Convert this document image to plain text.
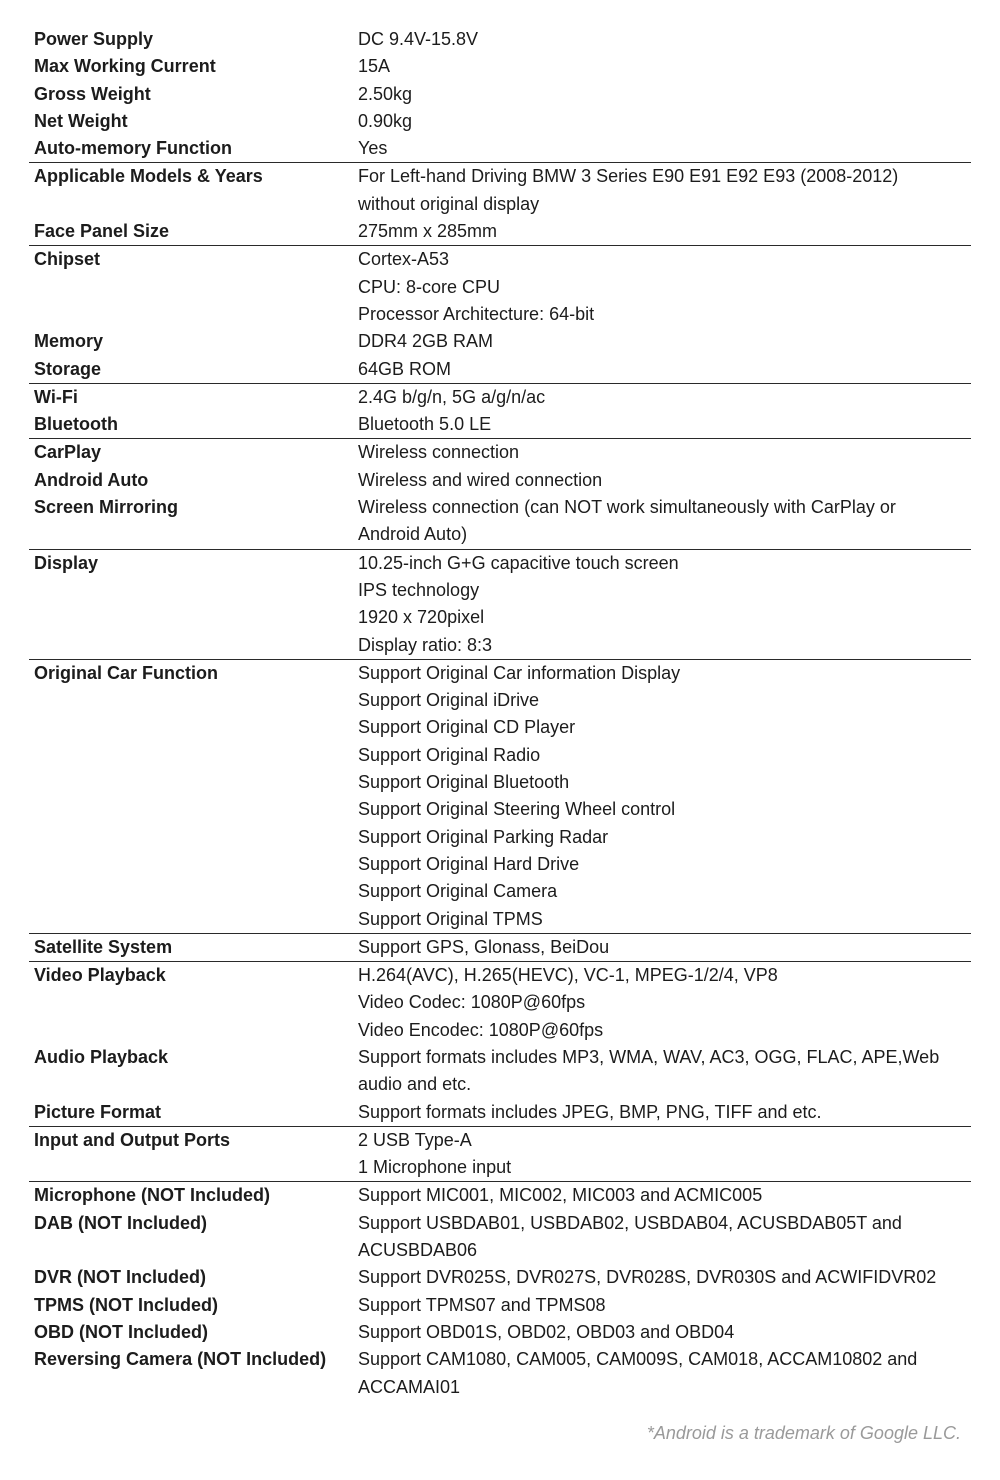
Power Supply	DC 9.4V-15.8V
Max Working Current	15A
Gross Weight	2.50kg
Net Weight	0.90kg
Auto-memory Function	Yes
Applicable Models & Years	For Left-hand Driving BMW 3 Series E90 E91 E92 E93 (2008-2012)
without original display
Face Panel Size	275mm x 285mm
Chipset	Cortex-A53
CPU: 8-core CPU
Processor Architecture: 64-bit
Memory	DDR4 2GB RAM
Storage	64GB ROM
Wi-Fi	2.4G b/g/n, 5G a/g/n/ac
Bluetooth	Bluetooth 5.0 LE
CarPlay	Wireless connection
Android Auto	Wireless and wired connection
Screen Mirroring	Wireless connection (can NOT work simultaneously with CarPlay or
Android Auto)
Display	10.25-inch G+G capacitive touch screen
IPS technology
1920 x 720pixel
Display ratio: 8:3
Original Car Function	Support Original Car information Display
Support Original iDrive
Support Original CD Player
Support Original Radio
Support Original Bluetooth
Support Original Steering Wheel control
Support Original Parking Radar
Support Original Hard Drive
Support Original Camera
Support Original TPMS
Satellite System	Support GPS, Glonass, BeiDou
Video Playback	H.264(AVC), H.265(HEVC), VC-1, MPEG-1/2/4, VP8
Video Codec: 1080P@60fps
Video Encodec: 1080P@60fps
Audio Playback	Support formats includes MP3, WMA, WAV, AC3, OGG, FLAC, APE,Web
audio and etc.
Picture Format	Support formats includes JPEG, BMP, PNG, TIFF and etc.
Input and Output Ports	2 USB Type-A
1 Microphone input
Microphone (NOT Included)	Support MIC001, MIC002, MIC003 and ACMIC005
DAB (NOT Included)	Support USBDAB01, USBDAB02, USBDAB04, ACUSBDAB05T and
ACUSBDAB06
DVR (NOT Included)	Support DVR025S, DVR027S, DVR028S, DVR030S and ACWIFIDVR02
TPMS (NOT Included)	Support TPMS07 and TPMS08
OBD (NOT Included)	Support OBD01S, OBD02, OBD03 and OBD04
Reversing Camera (NOT Included)	Support CAM1080, CAM005, CAM009S, CAM018, ACCAM10802 and
ACCAMAI01
*Android is a trademark of Google LLC.
